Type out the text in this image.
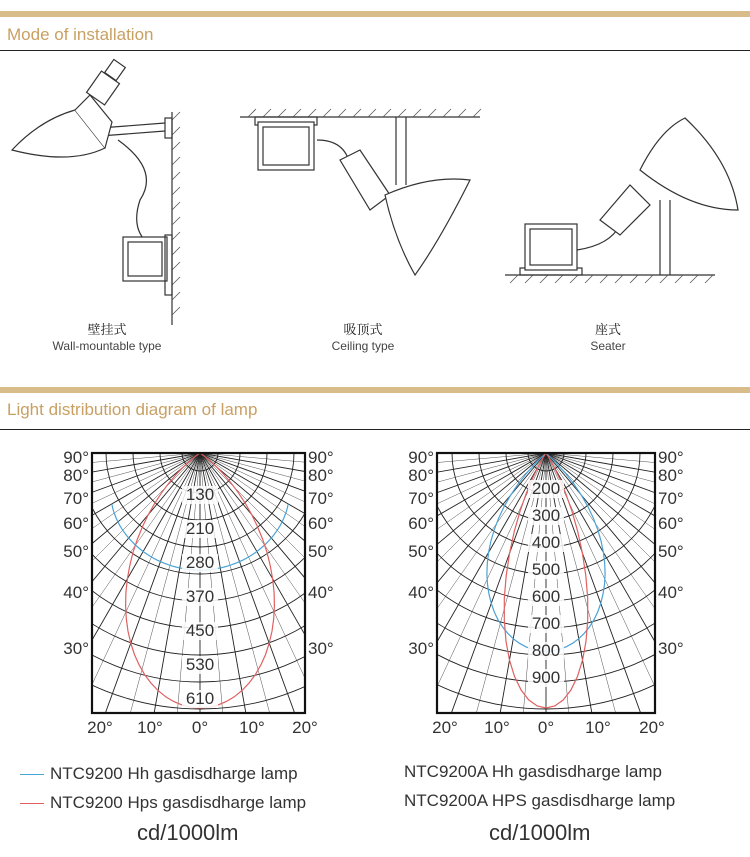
Mode of installation
壁挂式
Wall-mountable type
吸顶式
Ceiling type
座式
Seater
Light distribution diagram of lamp
130
210
280
370
450
530
610
90°
80°
70°
60°
50°
40°
30°
90°
80°
70°
60°
50°
40°
30°
20° 10° 0° 10° 20°
200
300
400
500
600
700
800
900
90°
80°
70°
60°
50°
40°
30°
90°
80°
70°
60°
50°
40°
30°
20° 10° 0° 10° 20°
NTC9200 Hh gasdisdharge lamp
NTC9200 Hps gasdisdharge lamp
NTC9200A Hh gasdisdharge lamp
NTC9200A HPS gasdisdharge lamp
cd/1000lm	cd/1000lm
